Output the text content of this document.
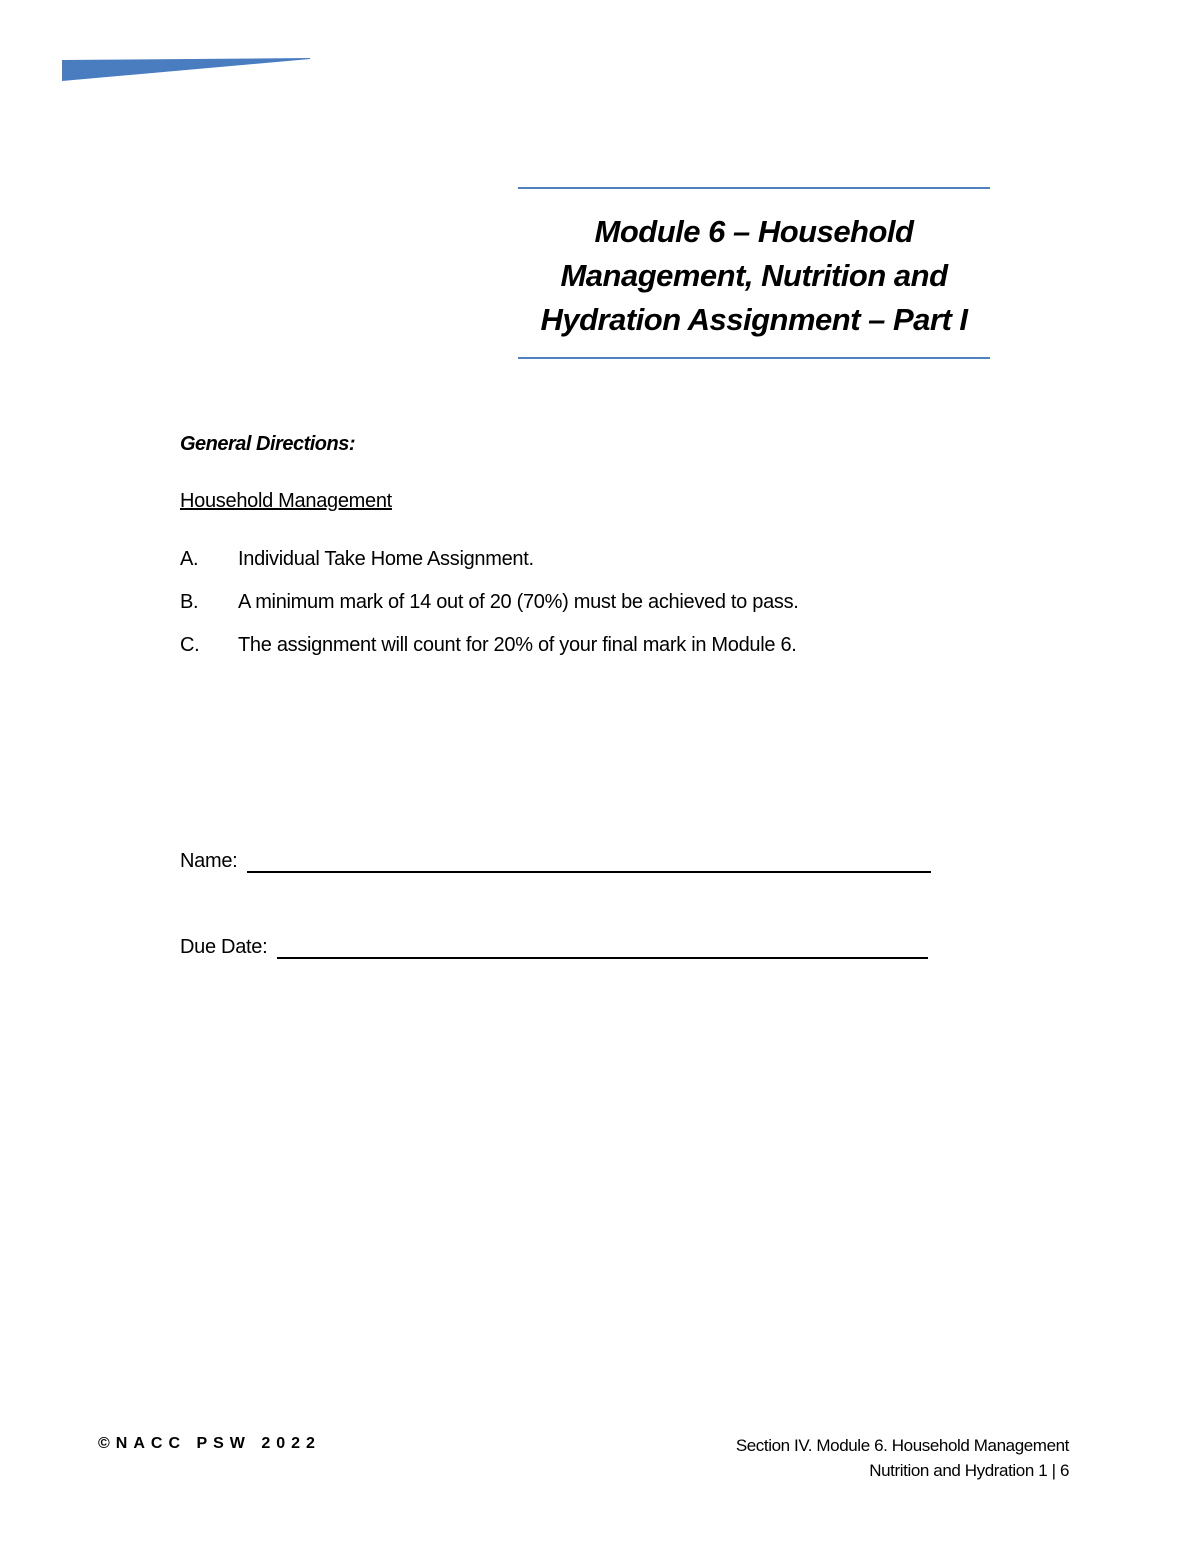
Module 6 – Household
Management, Nutrition and
Hydration Assignment – Part I
General Directions:
Household Management
A. Individual Take Home Assignment.
B. A minimum mark of 14 out of 20 (70%) must be achieved to pass.
C. The assignment will count for 20% of your final mark in Module 6.
Name:
Due Date:
©NACC PSW 2022	Section IV. Module 6. Household Management
Nutrition and Hydration 1 | 6
